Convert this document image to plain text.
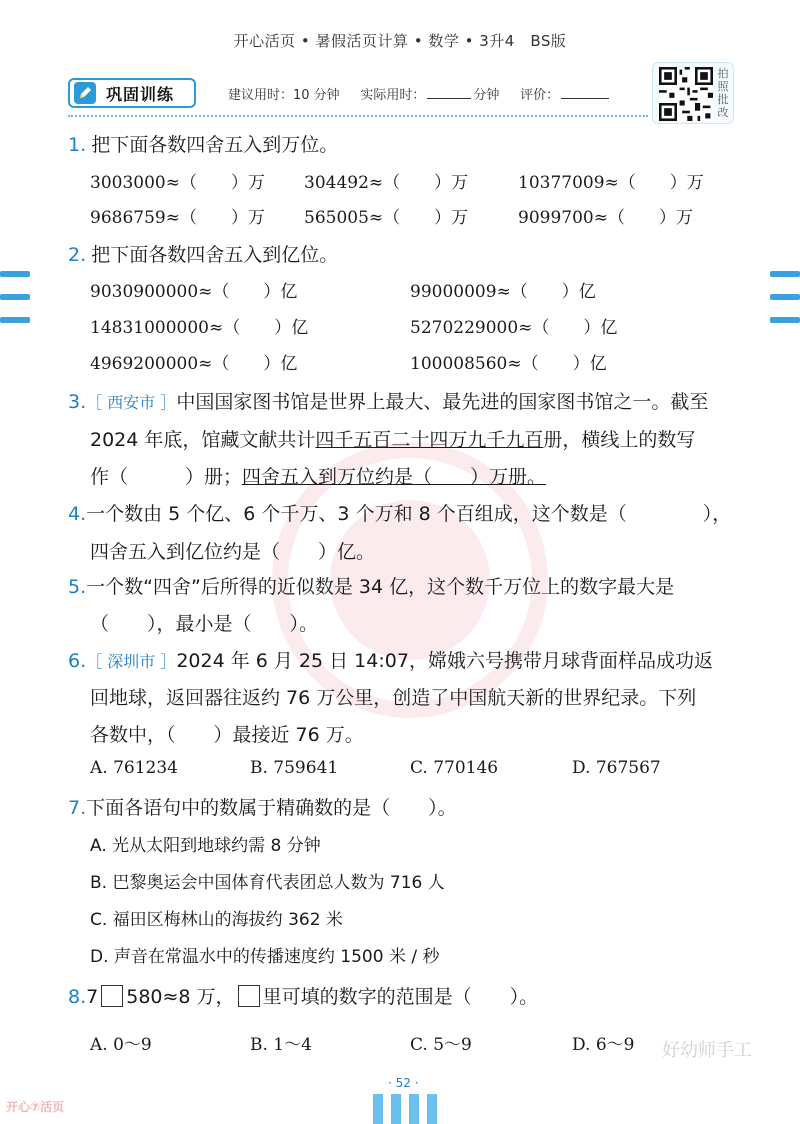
开心活页 • 暑假活页计算 • 数学 • 3升4　BS版
巩固训练	建议用时：10 分钟 实际用时：	分钟 评价：
拍
照
批
改
1. 把下面各数四舍五入到万位。
3003000≈（　　）万 304492≈（　　）万	10377009≈（　　）万
9686759≈（　　）万 565005≈（　　）万	9099700≈（　　）万
2. 把下面各数四舍五入到亿位。
9030900000≈（　　）亿	99000009≈（　　）亿
14831000000≈（　　）亿	5270229000≈（　　）亿
4969200000≈（　　）亿	100008560≈（　　）亿
3.［ 西安市 ］中国国家图书馆是世界上最大、最先进的国家图书馆之一。截至
2024 年底，馆藏文献共计四千五百二十四万九千九百册，横线上的数写
作（　　　）册；四舍五入到万位约是（　　）万册。
4.一个数由 5 个亿、6 个千万、3 个万和 8 个百组成，这个数是（　　　　），
四舍五入到亿位约是（　　）亿。
5.一个数“四舍”后所得的近似数是 34 亿，这个数千万位上的数字最大是
（　　），最小是（　　）。
6.［ 深圳市 ］2024 年 6 月 25 日 14:07，嫦娥六号携带月球背面样品成功返
回地球，返回器往返约 76 万公里，创造了中国航天新的世界纪录。下列
各数中，（　　）最接近 76 万。
A. 761234	B. 759641	C. 770146	D. 767567
7.下面各语句中的数属于精确数的是（　　）。
A. 光从太阳到地球约需 8 分钟
B. 巴黎奥运会中国体育代表团总人数为 716 人
C. 福田区梅林山的海拔约 362 米
D. 声音在常温水中的传播速度约 1500 米 / 秒
8.7 580≈8 万， 里可填的数字的范围是（　　）。
A. 0～9	B. 1～4	C. 5～9	D. 6～9 好幼师手工
· 52 ·
开心⑦活页
